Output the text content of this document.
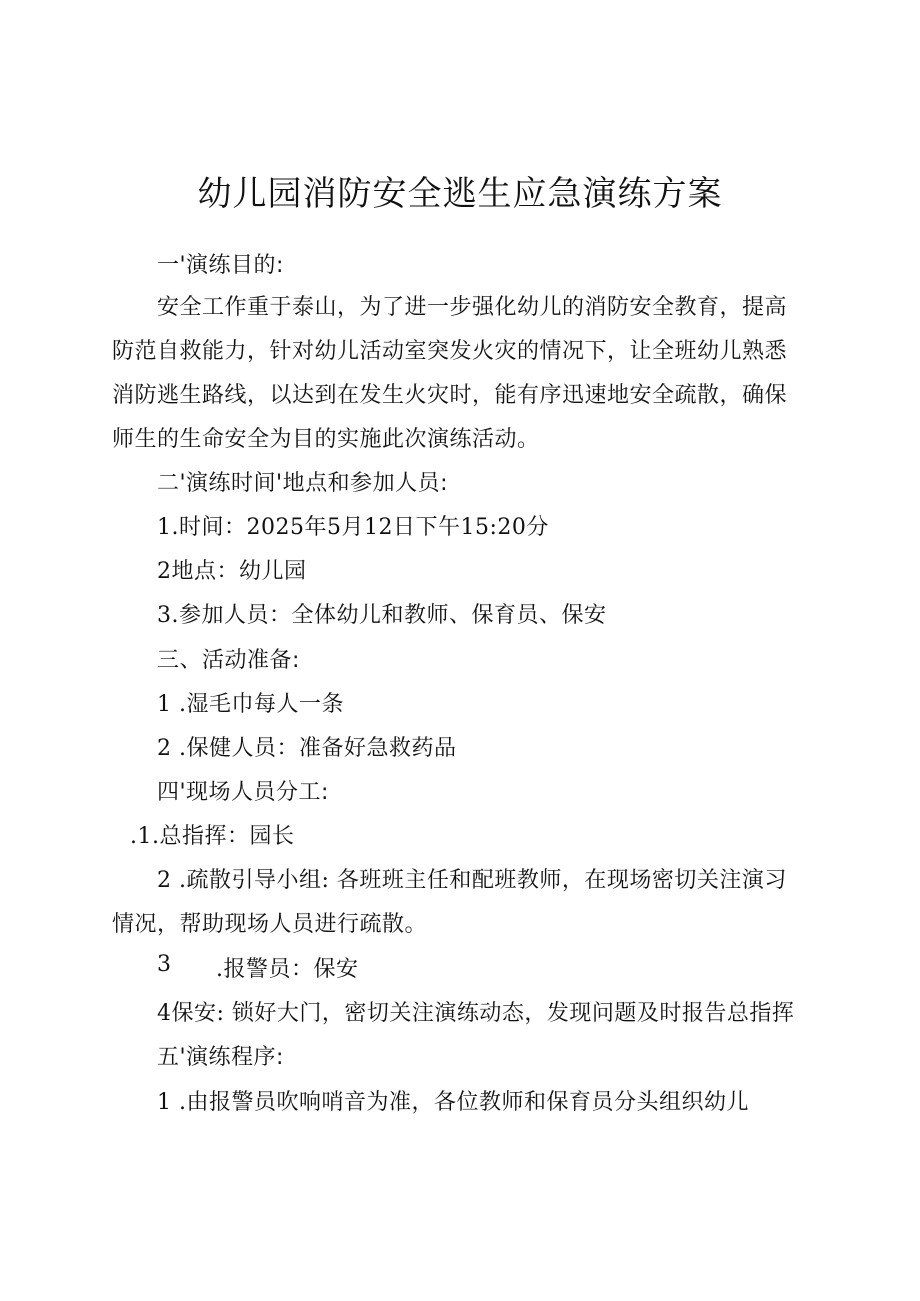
幼儿园消防安全逃生应急演练方案
一'演练目的:
安全工作重于泰山，为了进一步强化幼儿的消防安全教育，提高
防范自救能力，针对幼儿活动室突发火灾的情况下，让全班幼儿熟悉
消防逃生路线，以达到在发生火灾时，能有序迅速地安全疏散，确保
师生的生命安全为目的实施此次演练活动。
二'演练时间'地点和参加人员:
1.时间：2025年5月12日下午15:20分
2地点：幼儿园
3.参加人员：全体幼儿和教师、保育员、保安
三、活动准备:
1 .湿毛巾每人一条
2 .保健人员：准备好急救药品
四'现场人员分工:
.1.总指挥：园长
2 .疏散引导小组: 各班班主任和配班教师，在现场密切关注演习
情况，帮助现场人员进行疏散。
3 .报警员：保安
4保安: 锁好大门，密切关注演练动态，发现问题及时报告总指挥
五'演练程序:
1 .由报警员吹响哨音为准，各位教师和保育员分头组织幼儿
